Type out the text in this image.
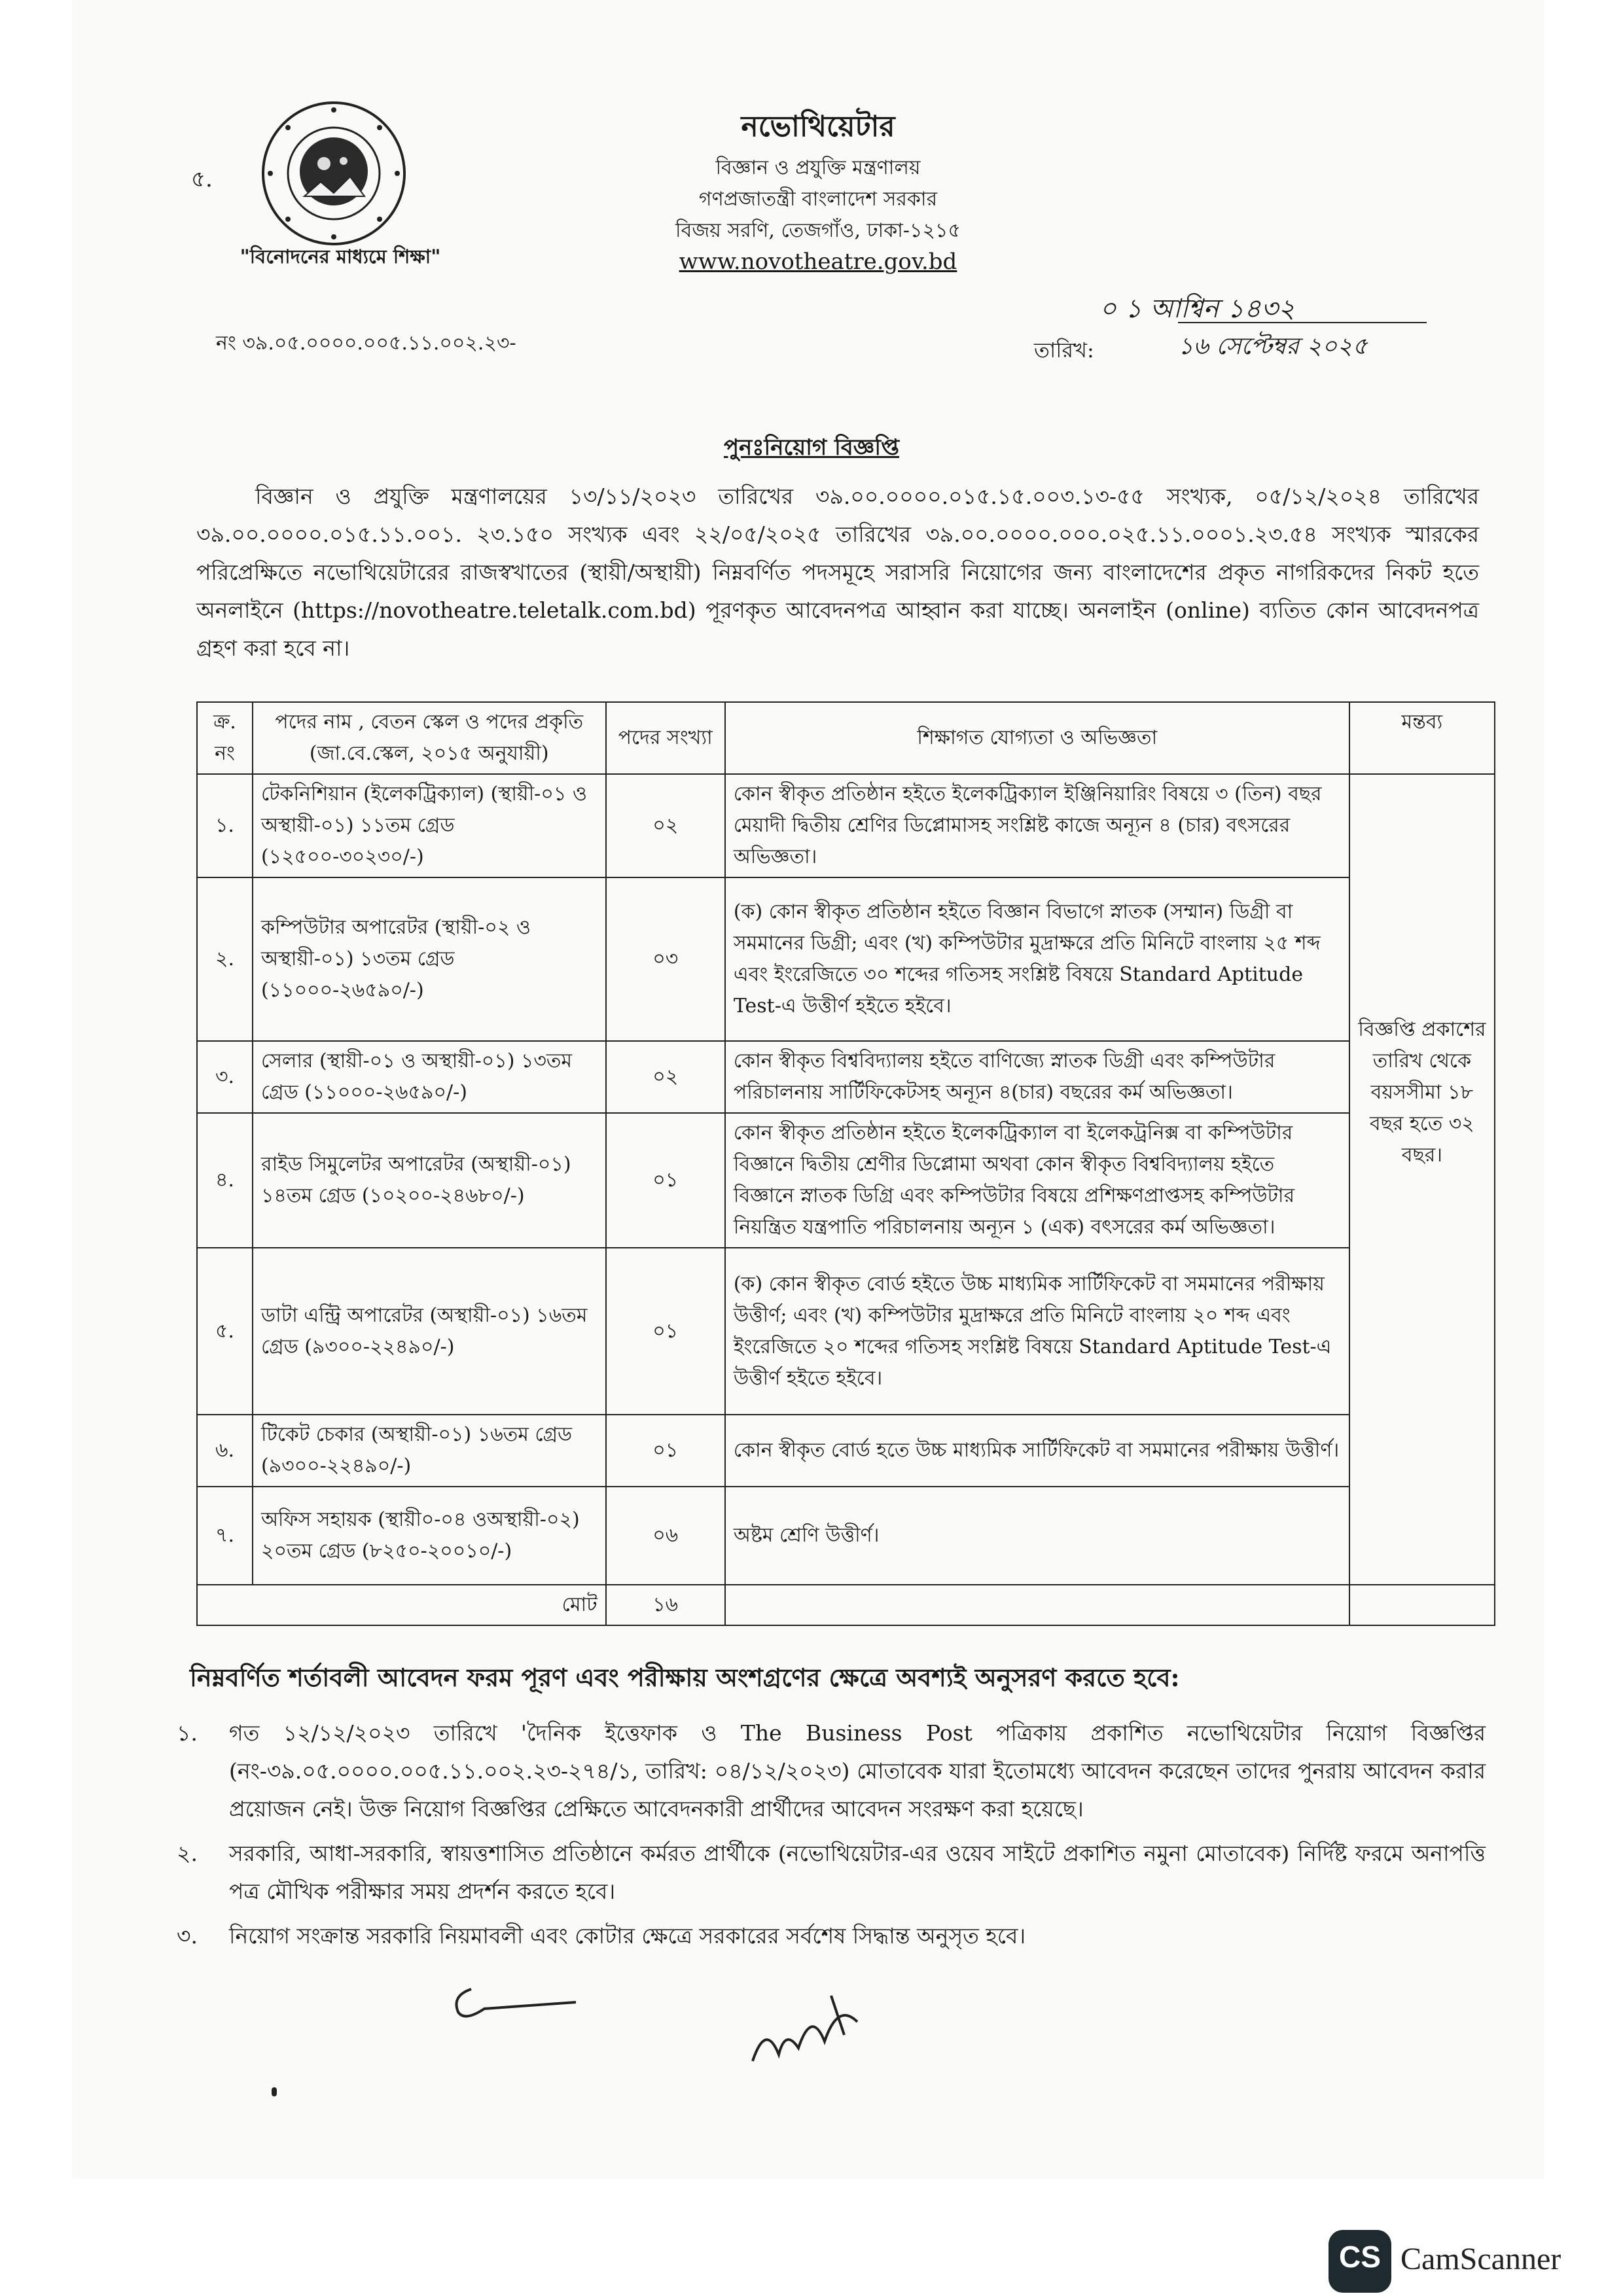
৫.
"বিনোদনের মাধ্যমে শিক্ষা"
নভোথিয়েটার
বিজ্ঞান ও প্রযুক্তি মন্ত্রণালয়
গণপ্রজাতন্ত্রী বাংলাদেশ সরকার
বিজয় সরণি, তেজগাঁও, ঢাকা-১২১৫
www.novotheatre.gov.bd
নং ৩৯.০৫.০০০০.০০৫.১১.০০২.২৩-
০ ১ আশ্বিন ১৪৩২
তারিখ:	১৬ সেপ্টেম্বর ২০২৫
পুনঃনিয়োগ বিজ্ঞপ্তি
বিজ্ঞান ও প্রযুক্তি মন্ত্রণালয়ের ১৩/১১/২০২৩ তারিখের ৩৯.০০.০০০০.০১৫.১৫.০০৩.১৩-৫৫ সংখ্যক, ০৫/১২/২০২৪ তারিখের ৩৯.০০.০০০০.০১৫.১১.০০১. ২৩.১৫০ সংখ্যক এবং ২২/০৫/২০২৫ তারিখের ৩৯.০০.০০০০.০০০.০২৫.১১.০০০১.২৩.৫৪ সংখ্যক স্মারকের পরিপ্রেক্ষিতে নভোথিয়েটারের রাজস্বখাতের (স্থায়ী/অস্থায়ী) নিম্নবর্ণিত পদসমূহে সরাসরি নিয়োগের জন্য বাংলাদেশের প্রকৃত নাগরিকদের নিকট হতে অনলাইনে (https://novotheatre.teletalk.com.bd) পূরণকৃত আবেদনপত্র আহ্বান করা যাচ্ছে। অনলাইন (online) ব্যতিত কোন আবেদনপত্র গ্রহণ করা হবে না।
ক্র. নং	পদের নাম , বেতন স্কেল ও পদের প্রকৃতি (জা.বে.স্কেল, ২০১৫ অনুযায়ী)	পদের সংখ্যা	শিক্ষাগত যোগ্যতা ও অভিজ্ঞতা	মন্তব্য
১.	টেকনিশিয়ান (ইলেকট্রিক্যাল) (স্থায়ী-০১ ও অস্থায়ী-০১) ১১তম গ্রেড (১২৫০০-৩০২৩০/-)	০২	কোন স্বীকৃত প্রতিষ্ঠান হইতে ইলেকট্রিক্যাল ইঞ্জিনিয়ারিং বিষয়ে ৩ (তিন) বছর মেয়াদী দ্বিতীয় শ্রেণির ডিপ্লোমাসহ সংশ্লিষ্ট কাজে অন্যূন ৪ (চার) বৎসরের অভিজ্ঞতা।	বিজ্ঞপ্তি প্রকাশের তারিখ থেকে বয়সসীমা ১৮ বছর হতে ৩২ বছর।

২.	কম্পিউটার অপারেটর (স্থায়ী-০২ ও অস্থায়ী-০১) ১৩তম গ্রেড (১১০০০-২৬৫৯০/-)	০৩	(ক) কোন স্বীকৃত প্রতিষ্ঠান হইতে বিজ্ঞান বিভাগে স্নাতক (সম্মান) ডিগ্রী বা সমমানের ডিগ্রী; এবং (খ) কম্পিউটার মুদ্রাক্ষরে প্রতি মিনিটে বাংলায় ২৫ শব্দ এবং ইংরেজিতে ৩০ শব্দের গতিসহ সংশ্লিষ্ট বিষয়ে Standard Aptitude Test-এ উত্তীর্ণ হইতে হইবে।	
৩.	সেলার (স্থায়ী-০১ ও অস্থায়ী-০১) ১৩তম গ্রেড (১১০০০-২৬৫৯০/-)	০২	কোন স্বীকৃত বিশ্ববিদ্যালয় হইতে বাণিজ্যে স্নাতক ডিগ্রী এবং কম্পিউটার পরিচালনায় সার্টিফিকেটসহ অন্যূন ৪(চার) বছরের কর্ম অভিজ্ঞতা।	
৪.	রাইড সিমুলেটর অপারেটর (অস্থায়ী-০১) ১৪তম গ্রেড (১০২০০-২৪৬৮০/-)	০১	কোন স্বীকৃত প্রতিষ্ঠান হইতে ইলেকট্রিক্যাল বা ইলেকট্রনিক্স বা কম্পিউটার বিজ্ঞানে দ্বিতীয় শ্রেণীর ডিপ্লোমা অথবা কোন স্বীকৃত বিশ্ববিদ্যালয় হইতে বিজ্ঞানে স্নাতক ডিগ্রি এবং কম্পিউটার বিষয়ে প্রশিক্ষণপ্রাপ্তসহ কম্পিউটার নিয়ন্ত্রিত যন্ত্রপাতি পরিচালনায় অন্যূন ১ (এক) বৎসরের কর্ম অভিজ্ঞতা।	
৫.	ডাটা এন্ট্রি অপারেটর (অস্থায়ী-০১) ১৬তম গ্রেড (৯৩০০-২২৪৯০/-)	০১	(ক) কোন স্বীকৃত বোর্ড হইতে উচ্চ মাধ্যমিক সার্টিফিকেট বা সমমানের পরীক্ষায় উত্তীর্ণ; এবং (খ) কম্পিউটার মুদ্রাক্ষরে প্রতি মিনিটে বাংলায় ২০ শব্দ এবং ইংরেজিতে ২০ শব্দের গতিসহ সংশ্লিষ্ট বিষয়ে Standard Aptitude Test-এ উত্তীর্ণ হইতে হইবে।	
৬.	টিকেট চেকার (অস্থায়ী-০১) ১৬তম গ্রেড (৯৩০০-২২৪৯০/-)	০১	কোন স্বীকৃত বোর্ড হতে উচ্চ মাধ্যমিক সার্টিফিকেট বা সমমানের পরীক্ষায় উত্তীর্ণ।	
৭.	অফিস সহায়ক (স্থায়ী০-০৪ ওঅস্থায়ী-০২) ২০তম গ্রেড (৮২৫০-২০০১০/-)	০৬	অষ্টম শ্রেণি উত্তীর্ণ।	
	মোট	১৬		
নিম্নবর্ণিত শর্তাবলী আবেদন ফরম পূরণ এবং পরীক্ষায় অংশগ্রণের ক্ষেত্রে অবশ্যই অনুসরণ করতে হবে:
১.	গত ১২/১২/২০২৩ তারিখে 'দৈনিক ইত্তেফাক ও The Business Post পত্রিকায় প্রকাশিত নভোথিয়েটার নিয়োগ বিজ্ঞপ্তির (নং-৩৯.০৫.০০০০.০০৫.১১.০০২.২৩-২৭৪/১, তারিখ: ০৪/১২/২০২৩) মোতাবেক যারা ইতোমধ্যে আবেদন করেছেন তাদের পুনরায় আবেদন করার প্রয়োজন নেই। উক্ত নিয়োগ বিজ্ঞপ্তির প্রেক্ষিতে আবেদনকারী প্রার্থীদের আবেদন সংরক্ষণ করা হয়েছে।
২.	সরকারি, আধা-সরকারি, স্বায়ত্তশাসিত প্রতিষ্ঠানে কর্মরত প্রার্থীকে (নভোথিয়েটার-এর ওয়েব সাইটে প্রকাশিত নমুনা মোতাবেক) নির্দিষ্ট ফরমে অনাপত্তি পত্র মৌখিক পরীক্ষার সময় প্রদর্শন করতে হবে।
৩.	নিয়োগ সংক্রান্ত সরকারি নিয়মাবলী এবং কোটার ক্ষেত্রে সরকারের সর্বশেষ সিদ্ধান্ত অনুসৃত হবে।
CS CamScanner
